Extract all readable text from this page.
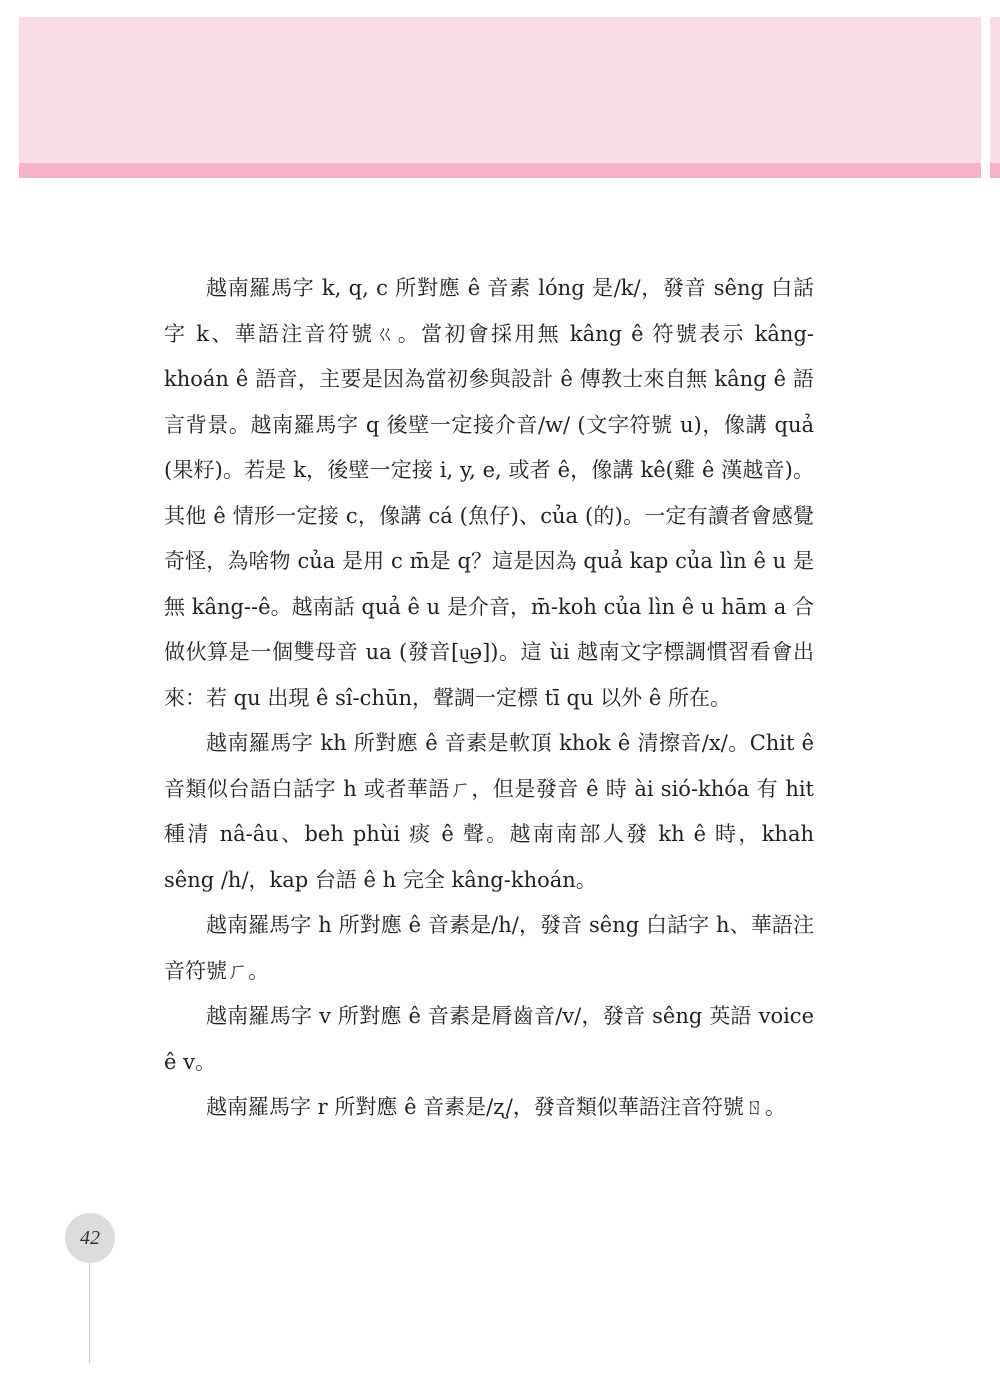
越南羅馬字 k, q, c 所對應 ê 音素 lóng 是/k/，發音 sêng 白話字 k、華語注音符號ㄍ。當初會採用無 kâng ê 符號表示 kâng-khoán ê 語音，主要是因為當初參與設計 ê 傳教士來自無 kâng ê 語言背景。越南羅馬字 q 後壁一定接介音/w/ (文字符號 u)，像講 quả (果籽)。若是 k，後壁一定接 i, y, e, 或者 ê，像講 kê(雞 ê 漢越音)。其他 ê 情形一定接 c，像講 cá (魚仔)、của (的)。一定有讀者會感覺奇怪，為啥物 của 是用 c m̄是 q？這是因為 quả kap của lìn ê u 是無 kâng--ê。越南話 quả ê u 是介音，m̄-koh của lìn ê u hām a 合做伙算是一個雙母音 ua (發音[u͜ə])。這 ùi 越南文字標調慣習看會出來：若 qu 出現 ê sî-chūn，聲調一定標 tī qu 以外 ê 所在。

越南羅馬字 kh 所對應 ê 音素是軟頂 khok ê 清擦音/x/。Chit ê 音類似台語白話字 h 或者華語ㄏ，但是發音 ê 時 ài sió-khóa 有 hit 種清 nâ-âu、beh phùi 痰 ê 聲。越南南部人發 kh ê 時，khah sêng /h/，kap 台語 ê h 完全 kâng-khoán。

越南羅馬字 h 所對應 ê 音素是/h/，發音 sêng 白話字 h、華語注音符號ㄏ。

越南羅馬字 v 所對應 ê 音素是脣齒音/v/，發音 sêng 英語 voice ê v。

越南羅馬字 r 所對應 ê 音素是/ʐ/，發音類似華語注音符號ㄖ。

42
